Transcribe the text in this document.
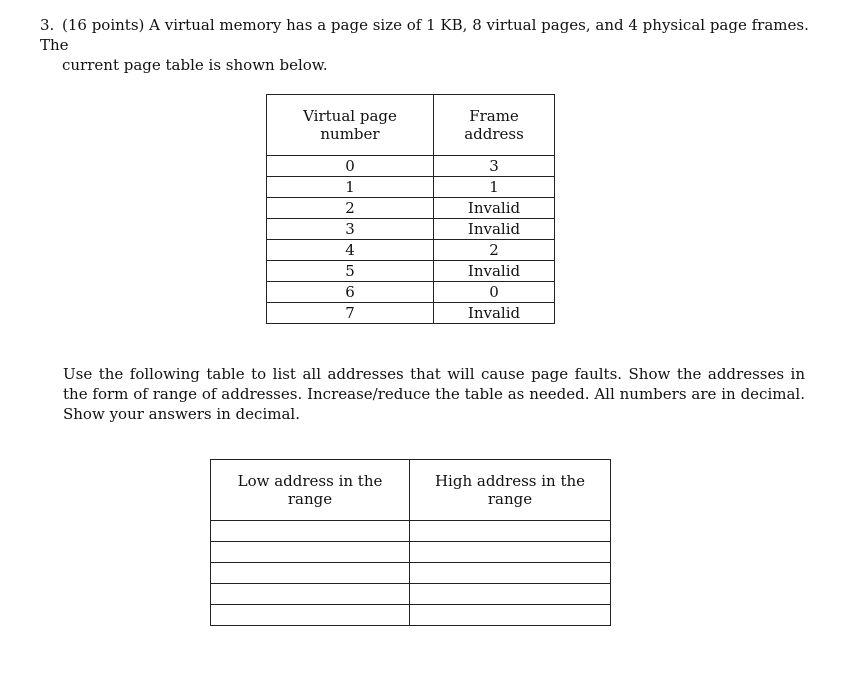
3. (16 points) A virtual memory has a page size of 1 KB, 8 virtual pages, and 4 physical page frames. The
current page table is shown below.
Virtual page number	Frame address
0	3
1	1
2	Invalid
3	Invalid
4	2
5	Invalid
6	0
7	Invalid
Use the following table to list all addresses that will cause page faults. Show the addresses in the form of range of addresses. Increase/reduce the table as needed. All numbers are in decimal. Show your answers in decimal.
Low address in the range	High address in the range
